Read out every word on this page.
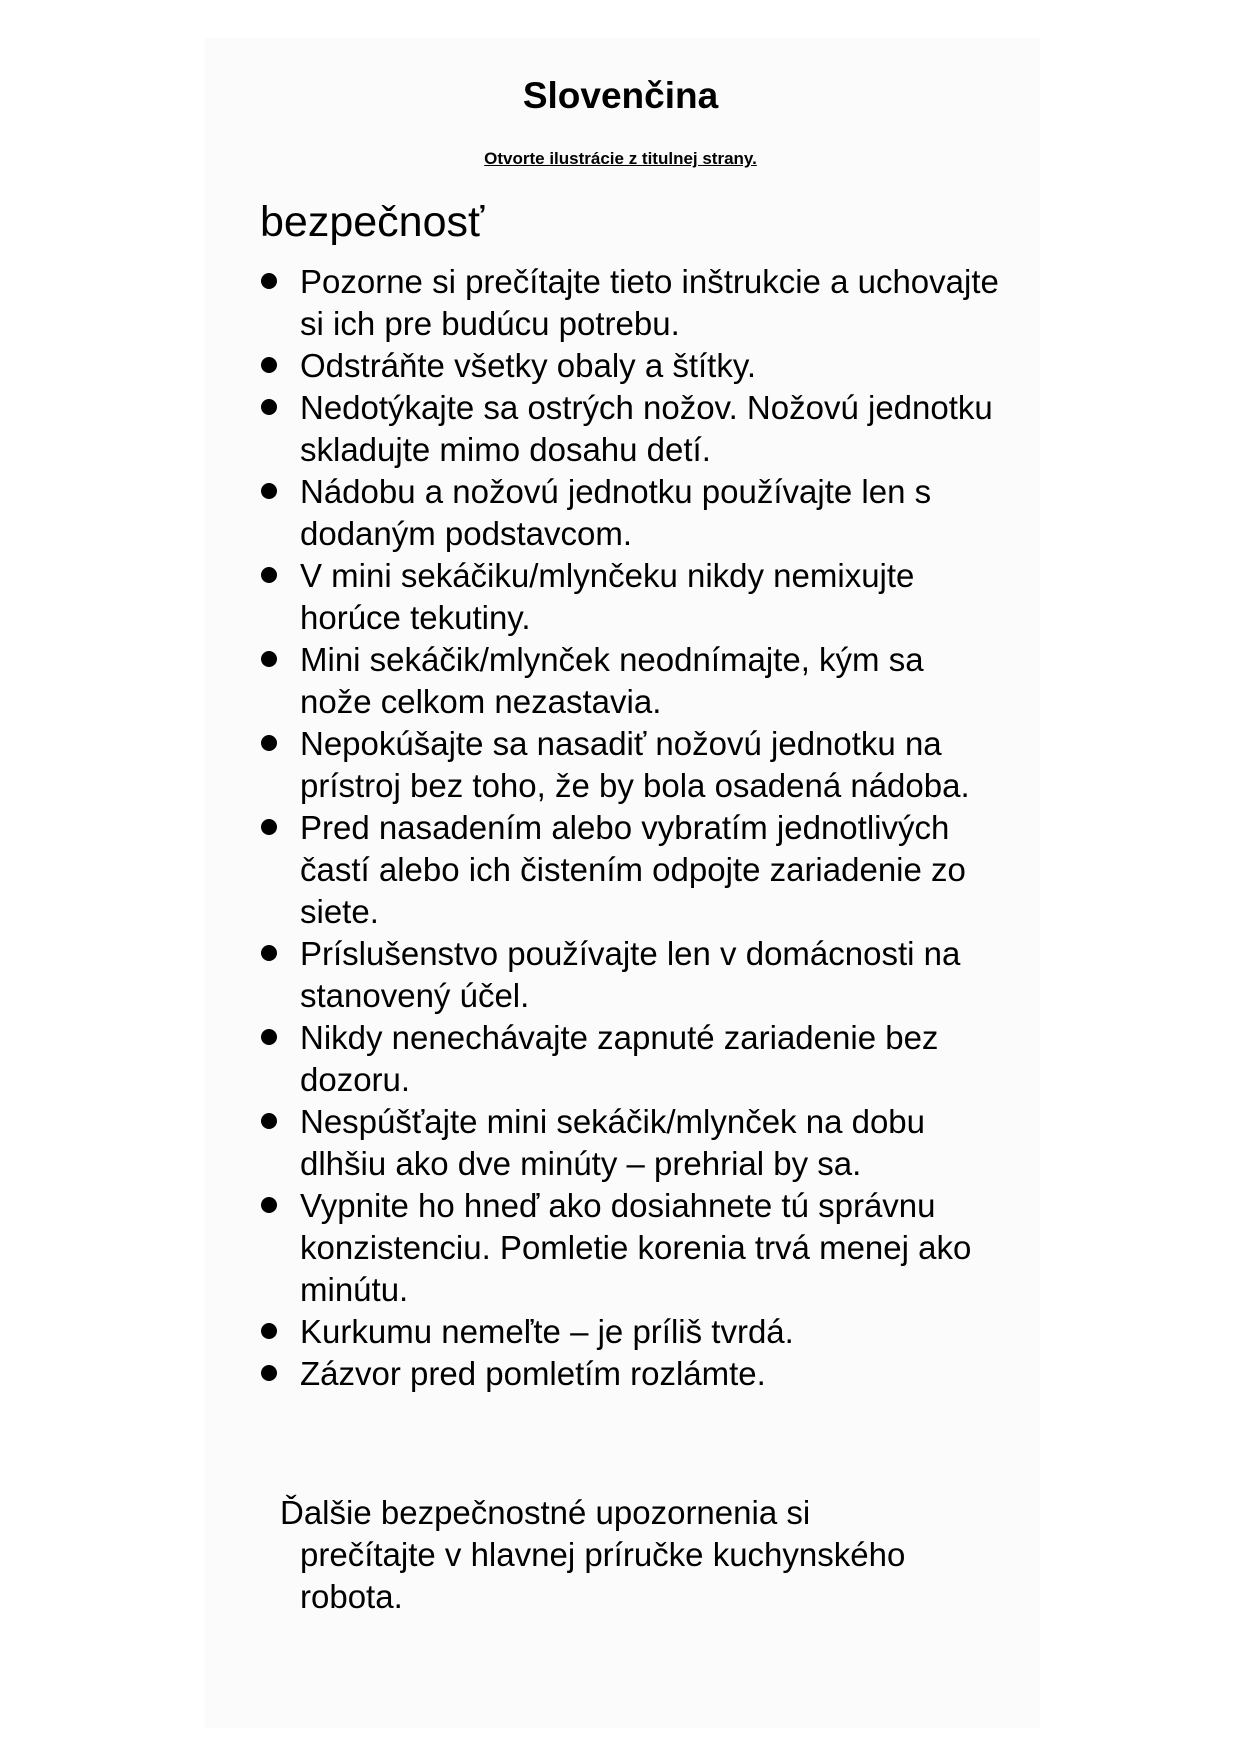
Slovenčina
Otvorte ilustrácie z titulnej strany.
bezpečnosť
Pozorne si prečítajte tieto inštrukcie a uchovajte si ich pre budúcu potrebu.
Odstráňte všetky obaly a štítky.
Nedotýkajte sa ostrých nožov. Nožovú jednotku skladujte mimo dosahu detí.
Nádobu a nožovú jednotku používajte len s dodaným podstavcom.
V mini sekáčiku/mlynčeku nikdy nemixujte horúce tekutiny.
Mini sekáčik/mlynček neodnímajte, kým sa nože celkom nezastavia.
Nepokúšajte sa nasadiť nožovú jednotku na prístroj bez toho, že by bola osadená nádoba.
Pred nasadením alebo vybratím jednotlivých častí alebo ich čistením odpojte zariadenie zo siete.
Príslušenstvo používajte len v domácnosti na stanovený účel.
Nikdy nenechávajte zapnuté zariadenie bez dozoru.
Nespúšťajte mini sekáčik/mlynček na dobu dlhšiu ako dve minúty – prehrial by sa.
Vypnite ho hneď ako dosiahnete tú správnu konzistenciu. Pomletie korenia trvá menej ako minútu.
Kurkumu nemeľte – je príliš tvrdá.
Zázvor pred pomletím rozlámte.
Ďalšie bezpečnostné upozornenia si
prečítajte v hlavnej príručke kuchynského robota.
